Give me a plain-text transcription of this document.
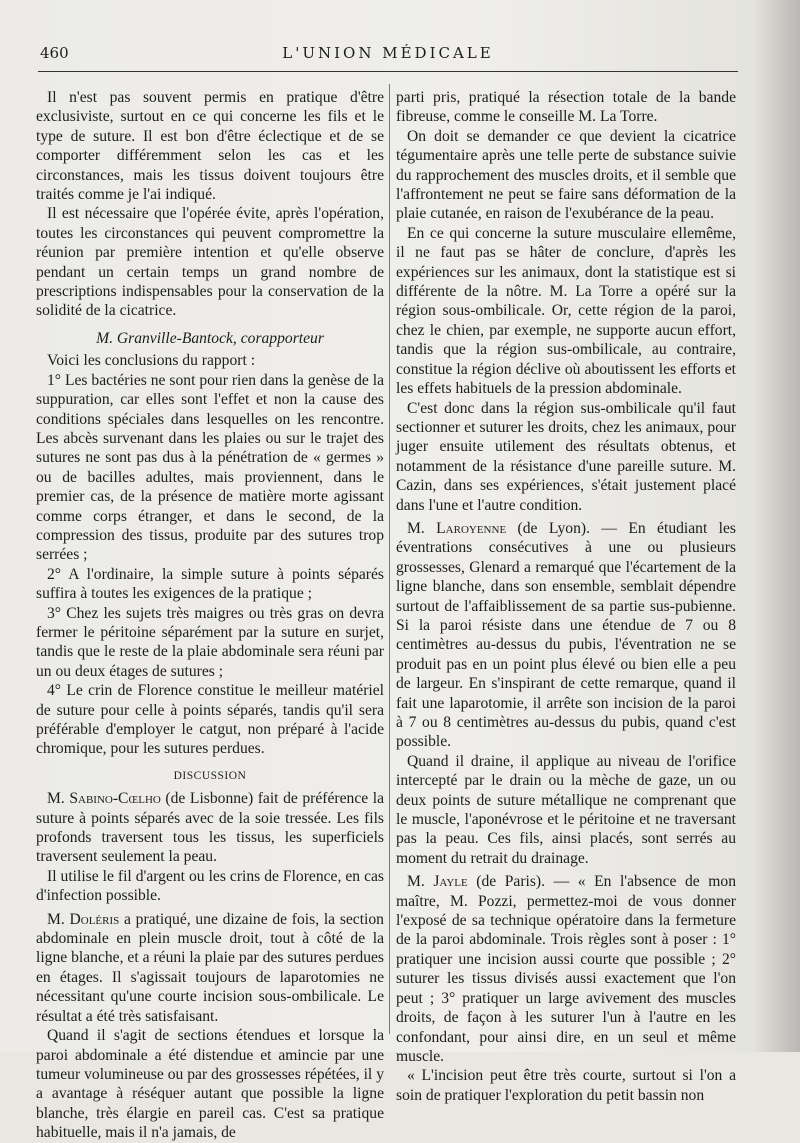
460	L'UNION MÉDICALE

Il n'est pas souvent permis en pratique d'être exclusiviste, surtout en ce qui concerne les fils et le type de suture. Il est bon d'être éclectique et de se comporter différemment selon les cas et les circonstances, mais les tissus doivent toujours être traités comme je l'ai indiqué.

Il est nécessaire que l'opérée évite, après l'opération, toutes les circonstances qui peuvent compromettre la réunion par première intention et qu'elle observe pendant un certain temps un grand nombre de prescriptions indispensables pour la conservation de la solidité de la cicatrice.

M. Granville-Bantock, corapporteur

Voici les conclusions du rapport :

1° Les bactéries ne sont pour rien dans la genèse de la suppuration, car elles sont l'effet et non la cause des conditions spéciales dans lesquelles on les rencontre. Les abcès survenant dans les plaies ou sur le trajet des sutures ne sont pas dus à la pénétration de « germes » ou de bacilles adultes, mais proviennent, dans le premier cas, de la présence de matière morte agissant comme corps étranger, et dans le second, de la compression des tissus, produite par des sutures trop serrées ;

2° A l'ordinaire, la simple suture à points séparés suffira à toutes les exigences de la pratique ;

3° Chez les sujets très maigres ou très gras on devra fermer le péritoine séparément par la suture en surjet, tandis que le reste de la plaie abdominale sera réuni par un ou deux étages de sutures ;

4° Le crin de Florence constitue le meilleur matériel de suture pour celle à points séparés, tandis qu'il sera préférable d'employer le catgut, non préparé à l'acide chromique, pour les sutures perdues.

DISCUSSION

M. Sabino-Cœlho (de Lisbonne) fait de préférence la suture à points séparés avec de la soie tressée. Les fils profonds traversent tous les tissus, les superficiels traversent seulement la peau.

Il utilise le fil d'argent ou les crins de Florence, en cas d'infection possible.

M. Doléris a pratiqué, une dizaine de fois, la section abdominale en plein muscle droit, tout à côté de la ligne blanche, et a réuni la plaie par des sutures perdues en étages. Il s'agissait toujours de laparotomies ne nécessitant qu'une courte incision sous-ombilicale. Le résultat a été très satisfaisant.

Quand il s'agit de sections étendues et lorsque la paroi abdominale a été distendue et amincie par une tumeur volumineuse ou par des grossesses répétées, il y a avantage à réséquer autant que possible la ligne blanche, très élargie en pareil cas. C'est sa pratique habituelle, mais il n'a jamais, de

parti pris, pratiqué la résection totale de la bande fibreuse, comme le conseille M. La Torre.

On doit se demander ce que devient la cicatrice tégumentaire après une telle perte de substance suivie du rapprochement des muscles droits, et il semble que l'affrontement ne peut se faire sans déformation de la plaie cutanée, en raison de l'exubérance de la peau.

En ce qui concerne la suture musculaire ellemême, il ne faut pas se hâter de conclure, d'après les expériences sur les animaux, dont la statistique est si différente de la nôtre. M. La Torre a opéré sur la région sous-ombilicale. Or, cette région de la paroi, chez le chien, par exemple, ne supporte aucun effort, tandis que la région sus-ombilicale, au contraire, constitue la région déclive où aboutissent les efforts et les effets habituels de la pression abdominale.

C'est donc dans la région sus-ombilicale qu'il faut sectionner et suturer les droits, chez les animaux, pour juger ensuite utilement des résultats obtenus, et notamment de la résistance d'une pareille suture. M. Cazin, dans ses expériences, s'était justement placé dans l'une et l'autre condition.

M. Laroyenne (de Lyon). — En étudiant les éventrations consécutives à une ou plusieurs grossesses, Glenard a remarqué que l'écartement de la ligne blanche, dans son ensemble, semblait dépendre surtout de l'affaiblissement de sa partie sus-pubienne. Si la paroi résiste dans une étendue de 7 ou 8 centimètres au-dessus du pubis, l'éventration ne se produit pas en un point plus élevé ou bien elle a peu de largeur. En s'inspirant de cette remarque, quand il fait une laparotomie, il arrête son incision de la paroi à 7 ou 8 centimètres au-dessus du pubis, quand c'est possible.

Quand il draine, il applique au niveau de l'orifice intercepté par le drain ou la mèche de gaze, un ou deux points de suture métallique ne comprenant que le muscle, l'aponévrose et le péritoine et ne traversant pas la peau. Ces fils, ainsi placés, sont serrés au moment du retrait du drainage.

M. Jayle (de Paris). — « En l'absence de mon maître, M. Pozzi, permettez-moi de vous donner l'exposé de sa technique opératoire dans la fermeture de la paroi abdominale. Trois règles sont à poser : 1° pratiquer une incision aussi courte que possible ; 2° suturer les tissus divisés aussi exactement que l'on peut ; 3° pratiquer un large avivement des muscles droits, de façon à les suturer l'un à l'autre en les confondant, pour ainsi dire, en un seul et même muscle.

« L'incision peut être très courte, surtout si l'on a soin de pratiquer l'exploration du petit bassin non
